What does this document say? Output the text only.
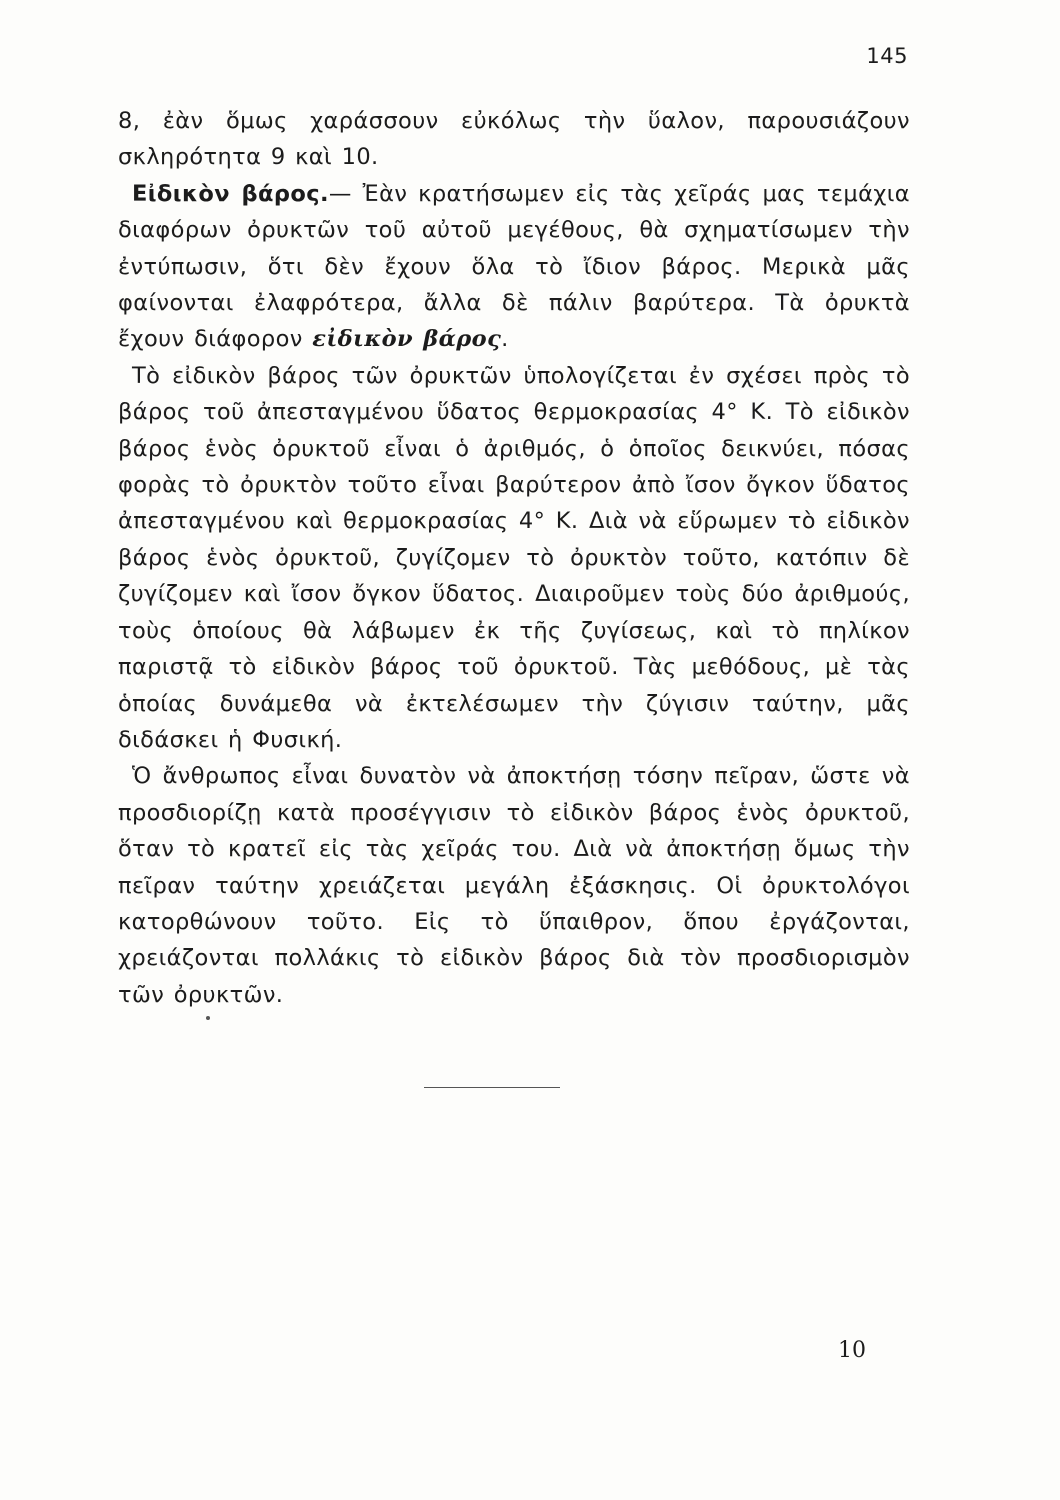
145

8, ἐὰν ὅμως χαράσσουν εὐκόλως τὴν ὕαλον, παρουσιάζουν σκληρότητα 9 καὶ 10.

Εἰδικὸν βάρος.— Ἐὰν κρατήσωμεν εἰς τὰς χεῖράς μας τεμάχια διαφόρων ὀρυκτῶν τοῦ αὐτοῦ μεγέθους, θὰ σχηματίσωμεν τὴν ἐντύπωσιν, ὅτι δὲν ἔχουν ὅλα τὸ ἴδιον βάρος. Μερικὰ μᾶς φαίνονται ἐλαφρότερα, ἄλλα δὲ πάλιν βαρύτερα. Τὰ ὀρυκτὰ ἔχουν διάφορον εἰδικὸν βάρος.

Τὸ εἰδικὸν βάρος τῶν ὀρυκτῶν ὑπολογίζεται ἐν σχέσει πρὸς τὸ βάρος τοῦ ἀπεσταγμένου ὕδατος θερμοκρασίας 4° Κ. Τὸ εἰδικὸν βάρος ἑνὸς ὀρυκτοῦ εἶναι ὁ ἀριθμός, ὁ ὁποῖος δεικνύει, πόσας φορὰς τὸ ὀρυκτὸν τοῦτο εἶναι βαρύτερον ἀπὸ ἴσον ὄγκον ὕδατος ἀπεσταγμένου καὶ θερμοκρασίας 4° Κ. Διὰ νὰ εὕρωμεν τὸ εἰδικὸν βάρος ἑνὸς ὀρυκτοῦ, ζυγίζομεν τὸ ὀρυκτὸν τοῦτο, κατόπιν δὲ ζυγίζομεν καὶ ἴσον ὄγκον ὕδατος. Διαιροῦμεν τοὺς δύο ἀριθμούς, τοὺς ὁποίους θὰ λάβωμεν ἐκ τῆς ζυγίσεως, καὶ τὸ πηλίκον παριστᾷ τὸ εἰδικὸν βάρος τοῦ ὀρυκτοῦ. Τὰς μεθόδους, μὲ τὰς ὁποίας δυνάμεθα νὰ ἐκτελέσωμεν τὴν ζύγισιν ταύτην, μᾶς διδάσκει ἡ Φυσική.

Ὁ ἄνθρωπος εἶναι δυνατὸν νὰ ἀποκτήσῃ τόσην πεῖραν, ὥστε νὰ προσδιορίζῃ κατὰ προσέγγισιν τὸ εἰδικὸν βάρος ἑνὸς ὀρυκτοῦ, ὅταν τὸ κρατεῖ εἰς τὰς χεῖράς του. Διὰ νὰ ἀποκτήσῃ ὅμως τὴν πεῖραν ταύτην χρειάζεται μεγάλη ἐξάσκησις. Οἱ ὀρυκτολόγοι κατορθώνουν τοῦτο. Εἰς τὸ ὕπαιθρον, ὅπου ἐργάζονται, χρειάζονται πολλάκις τὸ εἰδικὸν βάρος διὰ τὸν προσδιορισμὸν τῶν ὀρυκτῶν.

10
